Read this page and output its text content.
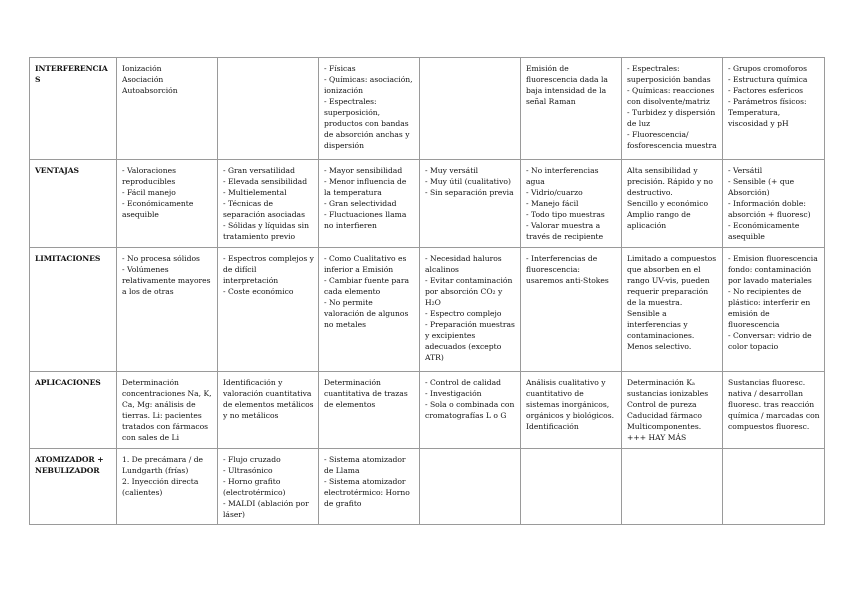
INTERFERENCIAS	Ionización
Asociación
Autoabsorción		- Físicas
- Químicas: asociación, ionización
- Espectrales: superposición, productos con bandas de absorción anchas y dispersión		Emisión de fluorescencia dada la baja intensidad de la señal Raman	- Espectrales: superposición bandas
- Químicas: reacciones con disolvente/matriz
- Turbidez y dispersión de luz
- Fluorescencia/ fosforescencia muestra	- Grupos cromoforos
- Estructura química
- Factores esfericos
- Parámetros físicos: Temperatura, viscosidad y pH

VENTAJAS	- Valoraciones reproducibles
- Fácil manejo
- Económicamente asequible	- Gran versatilidad
- Elevada sensibilidad
- Multielemental
- Técnicas de separación asociadas
- Sólidas y líquidas sin tratamiento previo	- Mayor sensibilidad
- Menor influencia de la temperatura
- Gran selectividad
- Fluctuaciones llama no interfieren	- Muy versátil
- Muy útil (cualitativo)
- Sin separación previa	- No interferencias agua
- Vidrio/cuarzo
- Manejo fácil
- Todo tipo muestras
- Valorar muestra a través de recipiente	Alta sensibilidad y precisión. Rápido y no destructivo.
Sencillo y económico
Amplio rango de aplicación	- Versátil
- Sensible (+ que Absorción)
- Información doble: absorción + fluoresc)
- Económicamente asequible

LIMITACIONES	- No procesa sólidos
- Volúmenes relativamente mayores a los de otras	- Espectros complejos y de difícil interpretación
- Coste económico	- Como Cualitativo es inferior a Emisión
- Cambiar fuente para cada elemento
- No permite valoración de algunos no metales	- Necesidad haluros alcalinos
- Evitar contaminación por absorción CO₂ y H₂O
- Espectro complejo
- Preparación muestras y excipientes adecuados (excepto ATR)	- Interferencias de fluorescencia: usaremos anti-Stokes	Limitado a compuestos que absorben en el rango UV-vis, pueden requerir preparación de la muestra.
Sensible a interferencias y contaminaciones.
Menos selectivo.	- Emision fluorescencia fondo: contaminación por lavado materiales
- No recipientes de plástico: interferir en emisión de fluorescencia
- Conversar: vidrio de color topacio

APLICACIONES	Determinación concentraciones Na, K, Ca, Mg: análisis de tierras. Li: pacientes tratados con fármacos con sales de Li	Identificación y valoración cuantitativa de elementos metálicos y no metálicos	Determinación cuantitativa de trazas de elementos	- Control de calidad
- Investigación
- Sola o combinada con cromatografías L o G	Análisis cualitativo y cuantitativo de sistemas inorgánicos, orgánicos y biológicos.
Identificación	Determinación Kₐ sustancias ionizables
Control de pureza
Caducidad fármaco
Multicomponentes.
+++ HAY MÁS	Sustancias fluoresc. nativa / desarrollan fluoresc. tras reacción química / marcadas con compuestos fluoresc.

ATOMIZADOR +
NEBULIZADOR	1. De precámara / de Lundgarth (frías)
2. Inyección directa (calientes)	- Flujo cruzado
- Ultrasónico
- Horno grafito (electrotérmico)
- MALDI (ablación por láser)	- Sistema atomizador de Llama
- Sistema atomizador electrotérmico: Horno de grafito				
